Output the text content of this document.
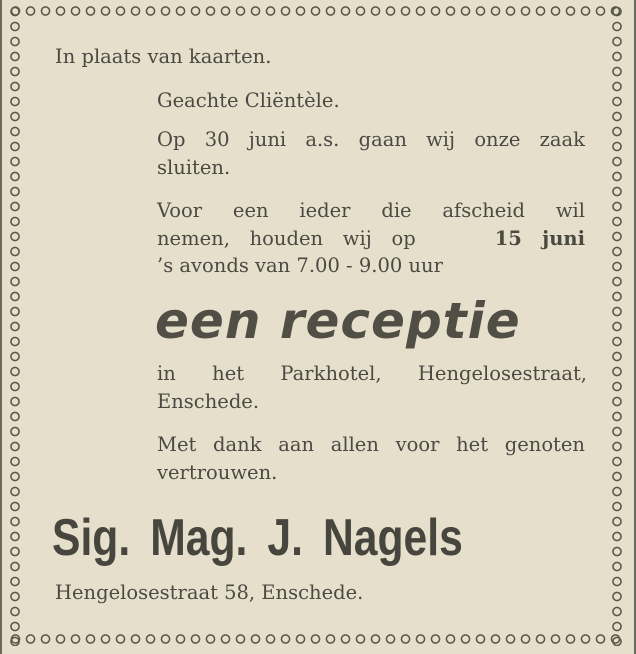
In plaats van kaarten.
Geachte Cliëntèle.
Op 30 juni a.s. gaan wij onze zaak
sluiten.
Voor een ieder die afscheid wil
nemen, houden wij op	15 juni
’s avonds van 7.00 - 9.00 uur
een receptie
in het Parkhotel, Hengelosestraat,
Enschede.
Met dank aan allen voor het genoten
vertrouwen.
Sig. Mag. J. Nagels
Hengelosestraat 58, Enschede.
